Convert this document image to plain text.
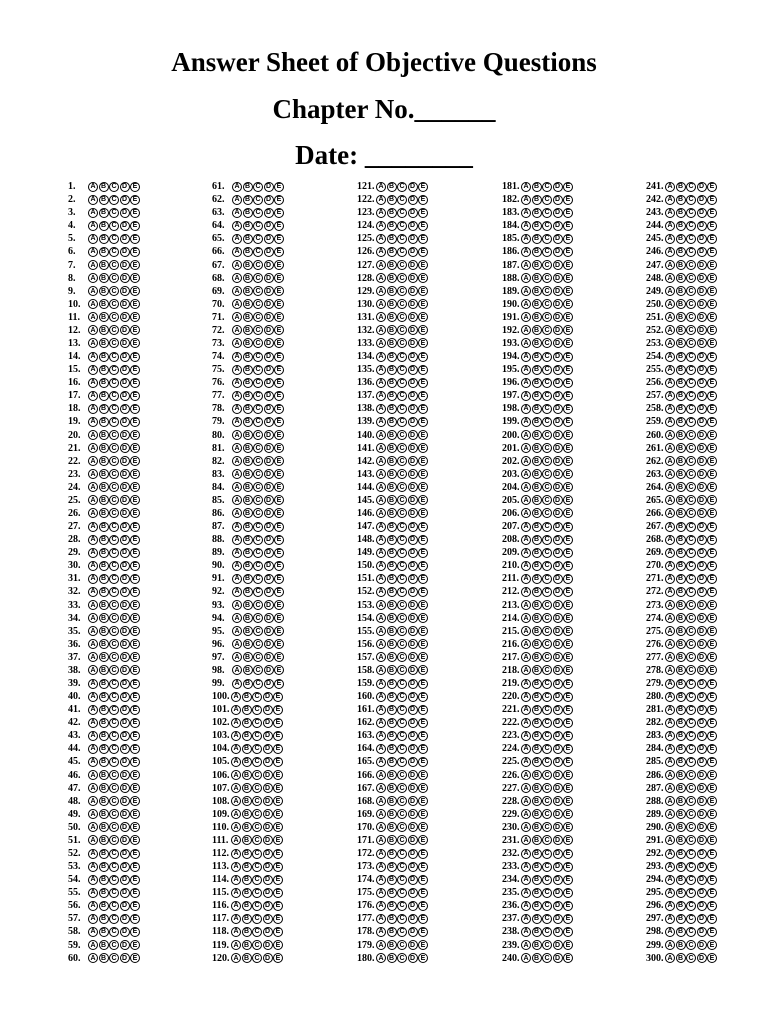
Answer Sheet of Objective Questions
Chapter No.______
Date: ________
1.	A B C D E
2.	A B C D E
3.	A B C D E
4.	A B C D E
5.	A B C D E
6.	A B C D E
7.	A B C D E
8.	A B C D E
9.	A B C D E
10.	A B C D E
11.	A B C D E
12.	A B C D E
13.	A B C D E
14.	A B C D E
15.	A B C D E
16.	A B C D E
17.	A B C D E
18.	A B C D E
19.	A B C D E
20.	A B C D E
21.	A B C D E
22.	A B C D E
23.	A B C D E
24.	A B C D E
25.	A B C D E
26.	A B C D E
27.	A B C D E
28.	A B C D E
29.	A B C D E
30.	A B C D E
31.	A B C D E
32.	A B C D E
33.	A B C D E
34.	A B C D E
35.	A B C D E
36.	A B C D E
37.	A B C D E
38.	A B C D E
39.	A B C D E
40.	A B C D E
41.	A B C D E
42.	A B C D E
43.	A B C D E
44.	A B C D E
45.	A B C D E
46.	A B C D E
47.	A B C D E
48.	A B C D E
49.	A B C D E
50.	A B C D E
51.	A B C D E
52.	A B C D E
53.	A B C D E
54.	A B C D E
55.	A B C D E
56.	A B C D E
57.	A B C D E
58.	A B C D E
59.	A B C D E
60.	A B C D E
61.	A B C D E
62.	A B C D E
63.	A B C D E
64.	A B C D E
65.	A B C D E
66.	A B C D E
67.	A B C D E
68.	A B C D E
69.	A B C D E
70.	A B C D E
71.	A B C D E
72.	A B C D E
73.	A B C D E
74.	A B C D E
75.	A B C D E
76.	A B C D E
77.	A B C D E
78.	A B C D E
79.	A B C D E
80.	A B C D E
81.	A B C D E
82.	A B C D E
83.	A B C D E
84.	A B C D E
85.	A B C D E
86.	A B C D E
87.	A B C D E
88.	A B C D E
89.	A B C D E
90.	A B C D E
91.	A B C D E
92.	A B C D E
93.	A B C D E
94.	A B C D E
95.	A B C D E
96.	A B C D E
97.	A B C D E
98.	A B C D E
99.	A B C D E
100. A B C D E
101. A B C D E
102. A B C D E
103. A B C D E
104. A B C D E
105. A B C D E
106. A B C D E
107. A B C D E
108. A B C D E
109. A B C D E
110. A B C D E
111. A B C D E
112. A B C D E
113. A B C D E
114. A B C D E
115. A B C D E
116. A B C D E
117. A B C D E
118. A B C D E
119. A B C D E
120. A B C D E
121. A B C D E
122. A B C D E
123. A B C D E
124. A B C D E
125. A B C D E
126. A B C D E
127. A B C D E
128. A B C D E
129. A B C D E
130. A B C D E
131. A B C D E
132. A B C D E
133. A B C D E
134. A B C D E
135. A B C D E
136. A B C D E
137. A B C D E
138. A B C D E
139. A B C D E
140. A B C D E
141. A B C D E
142. A B C D E
143. A B C D E
144. A B C D E
145. A B C D E
146. A B C D E
147. A B C D E
148. A B C D E
149. A B C D E
150. A B C D E
151. A B C D E
152. A B C D E
153. A B C D E
154. A B C D E
155. A B C D E
156. A B C D E
157. A B C D E
158. A B C D E
159. A B C D E
160. A B C D E
161. A B C D E
162. A B C D E
163. A B C D E
164. A B C D E
165. A B C D E
166. A B C D E
167. A B C D E
168. A B C D E
169. A B C D E
170. A B C D E
171. A B C D E
172. A B C D E
173. A B C D E
174. A B C D E
175. A B C D E
176. A B C D E
177. A B C D E
178. A B C D E
179. A B C D E
180. A B C D E
181. A B C D E
182. A B C D E
183. A B C D E
184. A B C D E
185. A B C D E
186. A B C D E
187. A B C D E
188. A B C D E
189. A B C D E
190. A B C D E
191. A B C D E
192. A B C D E
193. A B C D E
194. A B C D E
195. A B C D E
196. A B C D E
197. A B C D E
198. A B C D E
199. A B C D E
200. A B C D E
201. A B C D E
202. A B C D E
203. A B C D E
204. A B C D E
205. A B C D E
206. A B C D E
207. A B C D E
208. A B C D E
209. A B C D E
210. A B C D E
211. A B C D E
212. A B C D E
213. A B C D E
214. A B C D E
215. A B C D E
216. A B C D E
217. A B C D E
218. A B C D E
219. A B C D E
220. A B C D E
221. A B C D E
222. A B C D E
223. A B C D E
224. A B C D E
225. A B C D E
226. A B C D E
227. A B C D E
228. A B C D E
229. A B C D E
230. A B C D E
231. A B C D E
232. A B C D E
233. A B C D E
234. A B C D E
235. A B C D E
236. A B C D E
237. A B C D E
238. A B C D E
239. A B C D E
240. A B C D E
241. A B C D E
242. A B C D E
243. A B C D E
244. A B C D E
245. A B C D E
246. A B C D E
247. A B C D E
248. A B C D E
249. A B C D E
250. A B C D E
251. A B C D E
252. A B C D E
253. A B C D E
254. A B C D E
255. A B C D E
256. A B C D E
257. A B C D E
258. A B C D E
259. A B C D E
260. A B C D E
261. A B C D E
262. A B C D E
263. A B C D E
264. A B C D E
265. A B C D E
266. A B C D E
267. A B C D E
268. A B C D E
269. A B C D E
270. A B C D E
271. A B C D E
272. A B C D E
273. A B C D E
274. A B C D E
275. A B C D E
276. A B C D E
277. A B C D E
278. A B C D E
279. A B C D E
280. A B C D E
281. A B C D E
282. A B C D E
283. A B C D E
284. A B C D E
285. A B C D E
286. A B C D E
287. A B C D E
288. A B C D E
289. A B C D E
290. A B C D E
291. A B C D E
292. A B C D E
293. A B C D E
294. A B C D E
295. A B C D E
296. A B C D E
297. A B C D E
298. A B C D E
299. A B C D E
300. A B C D E
